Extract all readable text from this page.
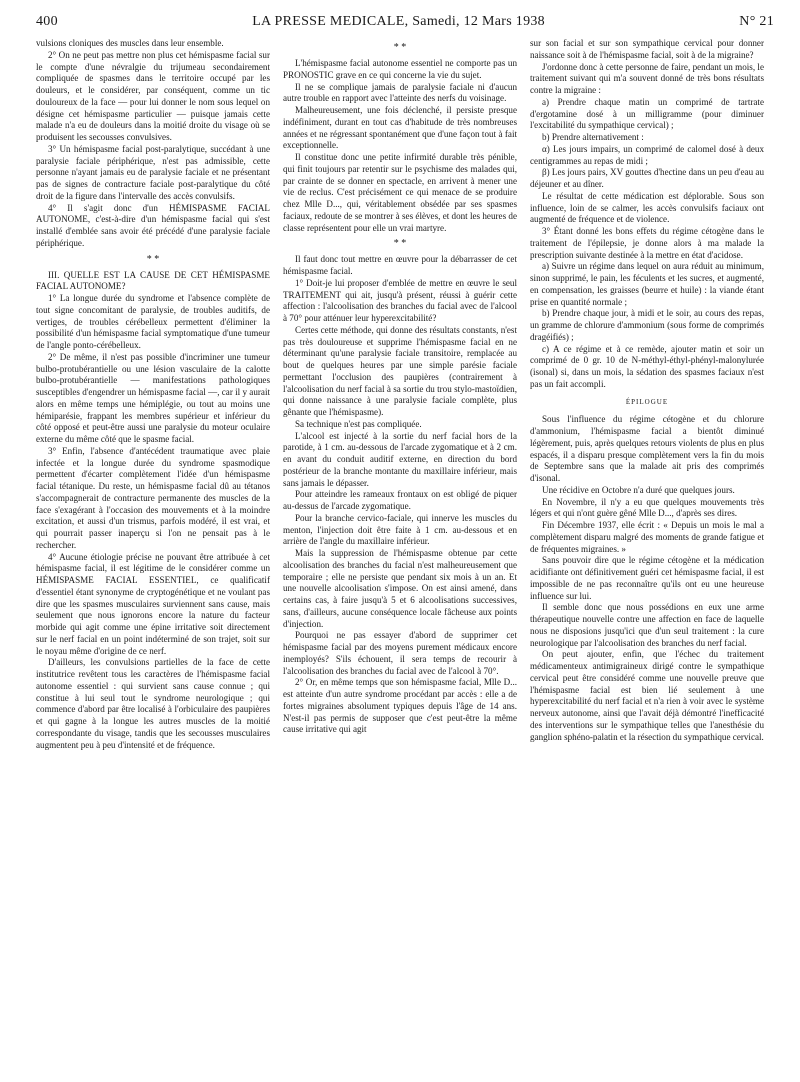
400	LA PRESSE MEDICALE, Samedi, 12 Mars 1938	N° 21

vulsions cloniques des muscles dans leur ensemble.

2° On ne peut pas mettre non plus cet hémispasme facial sur le compte d'une névralgie du trijumeau secondairement compliquée de spasmes dans le territoire occupé par les douleurs, et le considérer, par conséquent, comme un tic douloureux de la face — pour lui donner le nom sous lequel on désigne cet hémispasme particulier — puisque jamais cette malade n'a eu de douleurs dans la moitié droite du visage où se produisent les secousses convulsives.

3° Un hémispasme facial post-paralytique, succédant à une paralysie faciale périphérique, n'est pas admissible, cette personne n'ayant jamais eu de paralysie faciale et ne présentant pas de signes de contracture faciale post-paralytique du côté droit de la figure dans l'intervalle des accès convulsifs.

4° Il s'agit donc d'un HÉMISPASME FACIAL AUTONOME, c'est-à-dire d'un hémispasme facial qui s'est installé d'emblée sans avoir été précédé d'une paralysie faciale périphérique.

* *

III. QUELLE EST LA CAUSE DE CET HÉMISPASME FACIAL AUTONOME?

1° La longue durée du syndrome et l'absence complète de tout signe concomitant de paralysie, de troubles auditifs, de vertiges, de troubles cérébelleux permettent d'éliminer la possibilité d'un hémispasme facial symptomatique d'une tumeur de l'angle ponto-cérébelleux.

2° De même, il n'est pas possible d'incriminer une tumeur bulbo-protubérantielle ou une lésion vasculaire de la calotte bulbo-protubérantielle — manifestations pathologiques susceptibles d'engendrer un hémispasme facial —, car il y aurait alors en même temps une hémiplégie, ou tout au moins une hémiparésie, frappant les membres supérieur et inférieur du côté opposé et peut-être aussi une paralysie du moteur oculaire externe du même côté que le spasme facial.

3° Enfin, l'absence d'antécédent traumatique avec plaie infectée et la longue durée du syndrome spasmodique permettent d'écarter complètement l'idée d'un hémispasme facial tétanique. Du reste, un hémispasme facial dû au tétanos s'accompagnerait de contracture permanente des muscles de la face s'exagérant à l'occasion des mouvements et à la moindre excitation, et aussi d'un trismus, parfois modéré, il est vrai, et qui pourrait passer inaperçu si l'on ne pensait pas à le rechercher.

4° Aucune étiologie précise ne pouvant être attribuée à cet hémispasme facial, il est légitime de le considérer comme un HÉMISPASME FACIAL ESSENTIEL, ce qualificatif d'essentiel étant synonyme de cryptogénétique et ne voulant pas dire que les spasmes musculaires surviennent sans cause, mais seulement que nous ignorons encore la nature du facteur morbide qui agit comme une épine irritative soit directement sur le nerf facial en un point indéterminé de son trajet, soit sur le noyau même d'origine de ce nerf.

D'ailleurs, les convulsions partielles de la face de cette institutrice revêtent tous les caractères de l'hémispasme facial autonome essentiel : qui survient sans cause connue ; qui constitue à lui seul tout le syndrome neurologique ; qui commence d'abord par être localisé à l'orbiculaire des paupières et qui gagne à la longue les autres muscles de la moitié correspondante du visage, tandis que les secousses musculaires augmentent peu à peu d'intensité et de fréquence.

* *

L'hémispasme facial autonome essentiel ne comporte pas un PRONOSTIC grave en ce qui concerne la vie du sujet.

Il ne se complique jamais de paralysie faciale ni d'aucun autre trouble en rapport avec l'atteinte des nerfs du voisinage.

Malheureusement, une fois déclenché, il persiste presque indéfiniment, durant en tout cas d'habitude de très nombreuses années et ne régressant spontanément que d'une façon tout à fait exceptionnelle.

Il constitue donc une petite infirmité durable très pénible, qui finit toujours par retentir sur le psychisme des malades qui, par crainte de se donner en spectacle, en arrivent à mener une vie de reclus. C'est précisément ce qui menace de se produire chez Mlle D..., qui, véritablement obsédée par ses spasmes faciaux, redoute de se montrer à ses élèves, et dont les heures de classe représentent pour elle un vrai martyre.

* *

Il faut donc tout mettre en œuvre pour la débarrasser de cet hémispasme facial.

1° Doit-je lui proposer d'emblée de mettre en œuvre le seul TRAITEMENT qui ait, jusqu'à présent, réussi à guérir cette affection : l'alcoolisation des branches du facial avec de l'alcool à 70° pour atténuer leur hyperexcitabilité?

Certes cette méthode, qui donne des résultats constants, n'est pas très douloureuse et supprime l'hémispasme facial en ne déterminant qu'une paralysie faciale transitoire, remplacée au bout de quelques heures par une simple parésie faciale permettant l'occlusion des paupières (contrairement à l'alcoolisation du nerf facial à sa sortie du trou stylo-mastoïdien, qui donne naissance à une paralysie faciale complète, plus gênante que l'hémispasme).

Sa technique n'est pas compliquée.

L'alcool est injecté à la sortie du nerf facial hors de la parotide, à 1 cm. au-dessous de l'arcade zygomatique et à 2 cm. en avant du conduit auditif externe, en direction du bord postérieur de la branche montante du maxillaire inférieur, mais sans jamais le dépasser.

Pour atteindre les rameaux frontaux on est obligé de piquer au-dessus de l'arcade zygomatique.

Pour la branche cervico-faciale, qui innerve les muscles du menton, l'injection doit être faite à 1 cm. au-dessous et en arrière de l'angle du maxillaire inférieur.

Mais la suppression de l'hémispasme obtenue par cette alcoolisation des branches du facial n'est malheureusement que temporaire ; elle ne persiste que pendant six mois à un an. Et une nouvelle alcoolisation s'impose. On est ainsi amené, dans certains cas, à faire jusqu'à 5 et 6 alcoolisations successives, sans, d'ailleurs, aucune conséquence locale fâcheuse aux points d'injection.

Pourquoi ne pas essayer d'abord de supprimer cet hémispasme facial par des moyens purement médicaux encore inemployés? S'ils échouent, il sera temps de recourir à l'alcoolisation des branches du facial avec de l'alcool à 70°.

2° Or, en même temps que son hémispasme facial, Mlle D... est atteinte d'un autre syndrome procédant par accès : elle a de fortes migraines absolument typiques depuis l'âge de 14 ans. N'est-il pas permis de supposer que c'est peut-être la même cause irritative qui agit

sur son facial et sur son sympathique cervical pour donner naissance soit à de l'hémispasme facial, soit à de la migraine?

J'ordonne donc à cette personne de faire, pendant un mois, le traitement suivant qui m'a souvent donné de très bons résultats contre la migraine :

a) Prendre chaque matin un comprimé de tartrate d'ergotamine dosé à un milligramme (pour diminuer l'excitabilité du sympathique cervical) ;

b) Prendre alternativement :

α) Les jours impairs, un comprimé de calomel dosé à deux centigrammes au repas de midi ;

β) Les jours pairs, XV gouttes d'hectine dans un peu d'eau au déjeuner et au dîner.

Le résultat de cette médication est déplorable. Sous son influence, loin de se calmer, les accès convulsifs faciaux ont augmenté de fréquence et de violence.

3° Étant donné les bons effets du régime cétogène dans le traitement de l'épilepsie, je donne alors à ma malade la prescription suivante destinée à la mettre en état d'acidose.

a) Suivre un régime dans lequel on aura réduit au minimum, sinon supprimé, le pain, les féculents et les sucres, et augmenté, en compensation, les graisses (beurre et huile) : la viande étant prise en quantité normale ;

b) Prendre chaque jour, à midi et le soir, au cours des repas, un gramme de chlorure d'ammonium (sous forme de comprimés dragéifiés) ;

c) A ce régime et à ce remède, ajouter matin et soir un comprimé de 0 gr. 10 de N-méthyl-éthyl-phényl-malonylurée (isonal) si, dans un mois, la sédation des spasmes faciaux n'est pas un fait accompli.

ÉPILOGUE

Sous l'influence du régime cétogène et du chlorure d'ammonium, l'hémispasme facial a bientôt diminué légèrement, puis, après quelques retours violents de plus en plus espacés, il a disparu presque complètement vers la fin du mois de Septembre sans que la malade ait pris des comprimés d'isonal.

Une récidive en Octobre n'a duré que quelques jours.

En Novembre, il n'y a eu que quelques mouvements très légers et qui n'ont guère gêné Mlle D..., d'après ses dires.

Fin Décembre 1937, elle écrit : « Depuis un mois le mal a complètement disparu malgré des moments de grande fatigue et de fréquentes migraines. »

Sans pouvoir dire que le régime cétogène et la médication acidifiante ont définitivement guéri cet hémispasme facial, il est impossible de ne pas reconnaître qu'ils ont eu une heureuse influence sur lui.

Il semble donc que nous possédions en eux une arme thérapeutique nouvelle contre une affection en face de laquelle nous ne disposions jusqu'ici que d'un seul traitement : la cure neurologique par l'alcoolisation des branches du nerf facial.

On peut ajouter, enfin, que l'échec du traitement médicamenteux antimigraineux dirigé contre le sympathique cervical peut être considéré comme une nouvelle preuve que l'hémispasme facial est bien lié seulement à une hyperexcitabilité du nerf facial et n'a rien à voir avec le système nerveux autonome, ainsi que l'avait déjà démontré l'inefficacité des interventions sur le sympathique telles que l'anesthésie du ganglion sphéno-palatin et la résection du sympathique cervical.
